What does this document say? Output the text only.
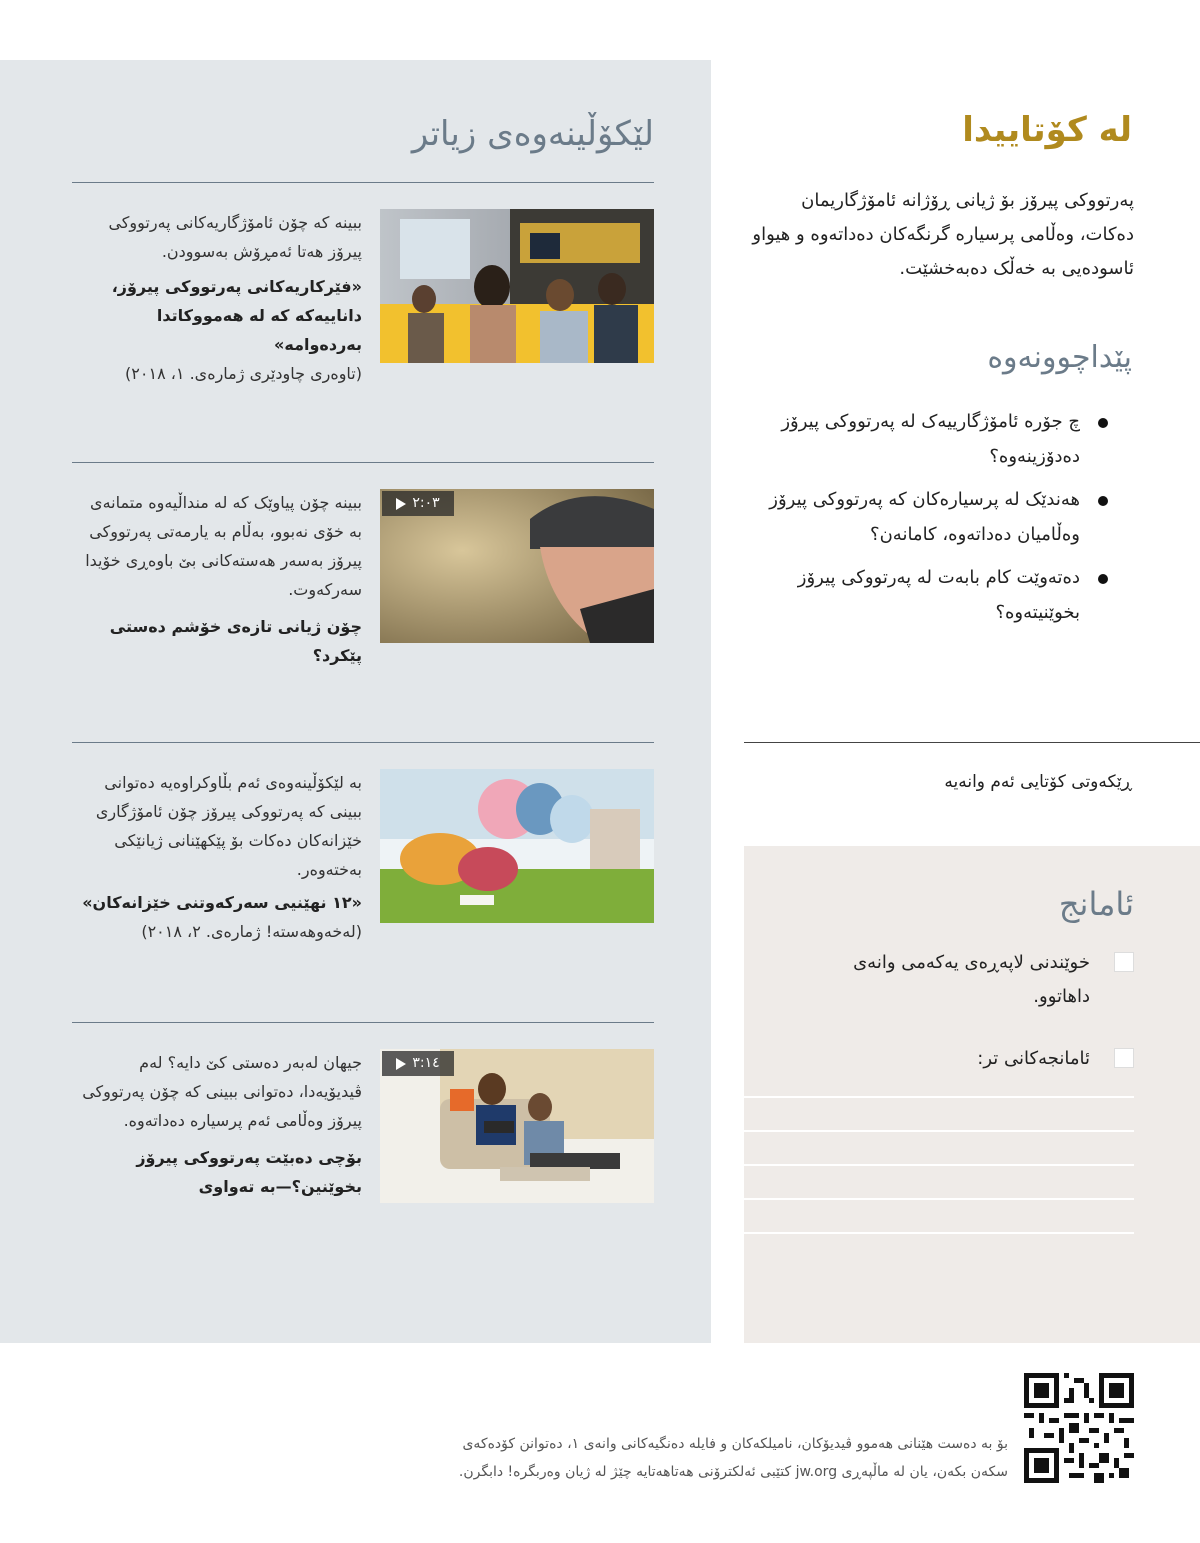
لێکۆڵینەوەی زیاتر
ببینە کە چۆن ئامۆژگاریەکانی پەرتووکی پیرۆز هەتا ئەمڕۆش بەسوودن.
«فێرکاریەکانی پەرتووکی پیرۆز، داناییەکە کە لە هەمووکاتدا بەردەوامە»
(تاوەری چاودێری ژمارەی. ١، ٢٠١٨)
٢:٠٣
ببینە چۆن پیاوێک کە لە منداڵیەوە متمانەی بە خۆی نەبوو، بەڵام بە یارمەتی پەرتووکی پیرۆز بەسەر هەستەکانی بێ باوەڕی خۆیدا سەرکەوت.
چۆن ژیانی تازەی خۆشم دەستی پێکرد؟
بە لێکۆڵینەوەی ئەم بڵاوکراوەیە دەتوانی ببینی کە پەرتووکی پیرۆز چۆن ئامۆژگاری خێزانەکان دەکات بۆ پێکهێنانی ژیانێکی بەختەوەر.
«١٢ نهێنیی سەرکەوتنی خێزانەکان»
(لەخەوهەستە! ژمارەی. ٢، ٢٠١٨)
٣:١٤
جیهان لەبەر دەستی کێ دایە؟ لەم ڤیدیۆیەدا، دەتوانی ببینی کە چۆن پەرتووکی پیرۆز وەڵامی ئەم پرسیارە دەداتەوە.
بۆچی دەبێت پەرتووکی پیرۆز بخوێنین؟—بە تەواوی
لە کۆتاییدا
پەرتووکی پیرۆز بۆ ژیانی ڕۆژانە ئامۆژگاریمان دەکات، وەڵامی پرسیارە گرنگەکان دەداتەوە و هیواو ئاسودەیی بە خەڵک دەبەخشێت.
پێداچوونەوە
چ جۆرە ئامۆژگارییەک لە پەرتووکی پیرۆز دەدۆزینەوە؟
هەندێک لە پرسیارەکان کە پەرتووکی پیرۆز وەڵامیان دەداتەوە، کامانەن؟
دەتەوێت کام بابەت لە پەرتووکی پیرۆز بخوێنیتەوە؟
ڕێکەوتی کۆتایی ئەم وانەیە
ئامانج
خوێندنی لاپەڕەی یەکەمی وانەی داهاتوو.
ئامانجەکانی تر:
بۆ بە دەست هێنانی هەموو ڤیدیۆکان، نامیلکەکان و فایلە دەنگیەکانی وانەی ١، دەتوانن کۆدەکەی
سکەن بکەن، یان لە ماڵپەڕی jw.org کتێبی ئەلکترۆنی هەتاهەتایە چێژ لە ژیان وەربگرە! دابگرن.
